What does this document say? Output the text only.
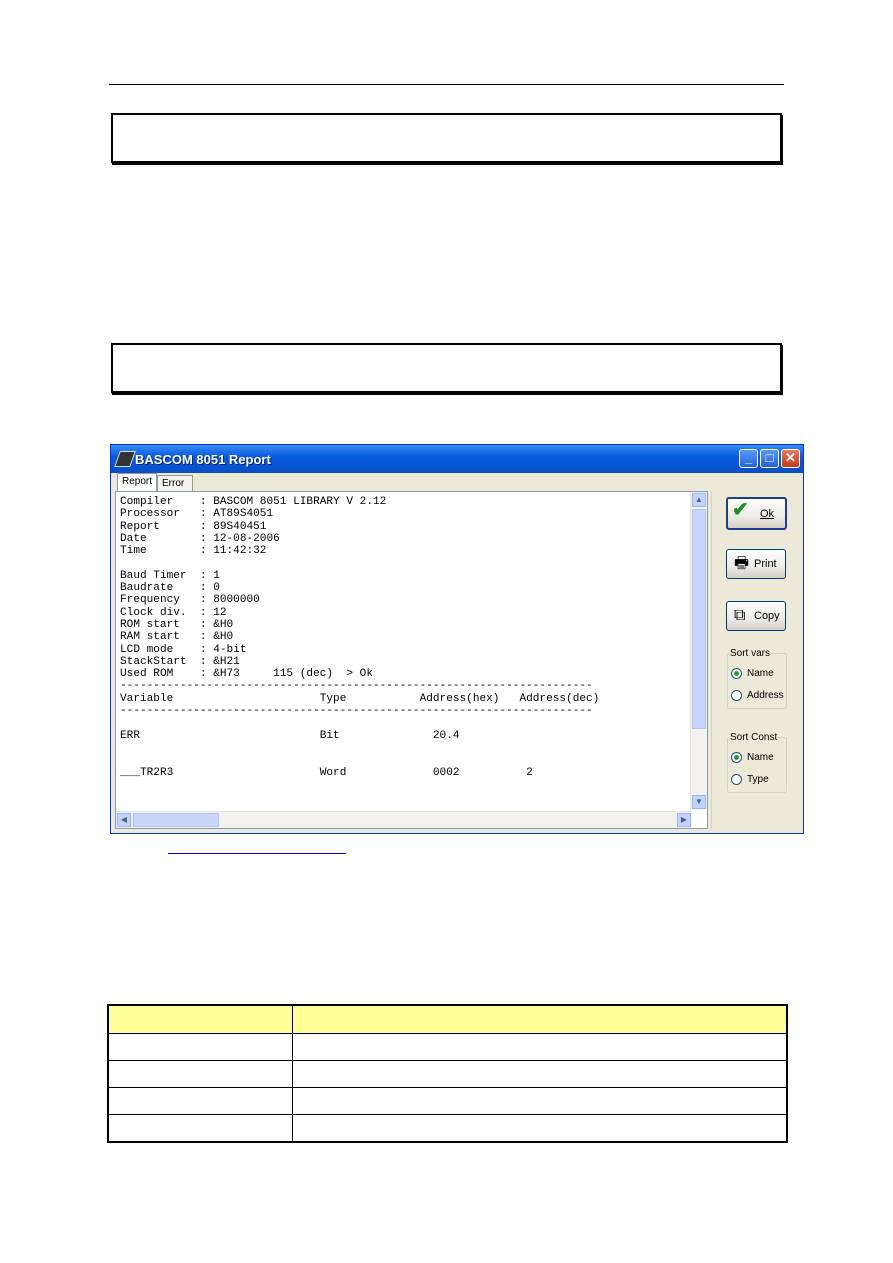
BASCOM 8051 Report	_	□ ✕
Report Error
Compiler    : BASCOM 8051 LIBRARY V 2.12
Processor   : AT89S4051
Report      : 89S40451
Date        : 12-08-2006
Time        : 11:42:32

Baud Timer  : 1
Baudrate    : 0
Frequency   : 8000000
Clock div.  : 12
ROM start   : &H0
RAM start   : &H0
LCD mode    : 4-bit
StackStart  : &H21
Used ROM    : &H73     115 (dec)  > Ok
-----------------------------------------------------------------------
Variable                      Type           Address(hex)   Address(dec)
-----------------------------------------------------------------------

ERR                           Bit              20.4

___TR2R3                      Word             0002          2
▲
▼
◀	▶
✔ Ok
🖶 Print
⧉ Copy
Sort vars
Name
Address
Sort Const
Name
Type
